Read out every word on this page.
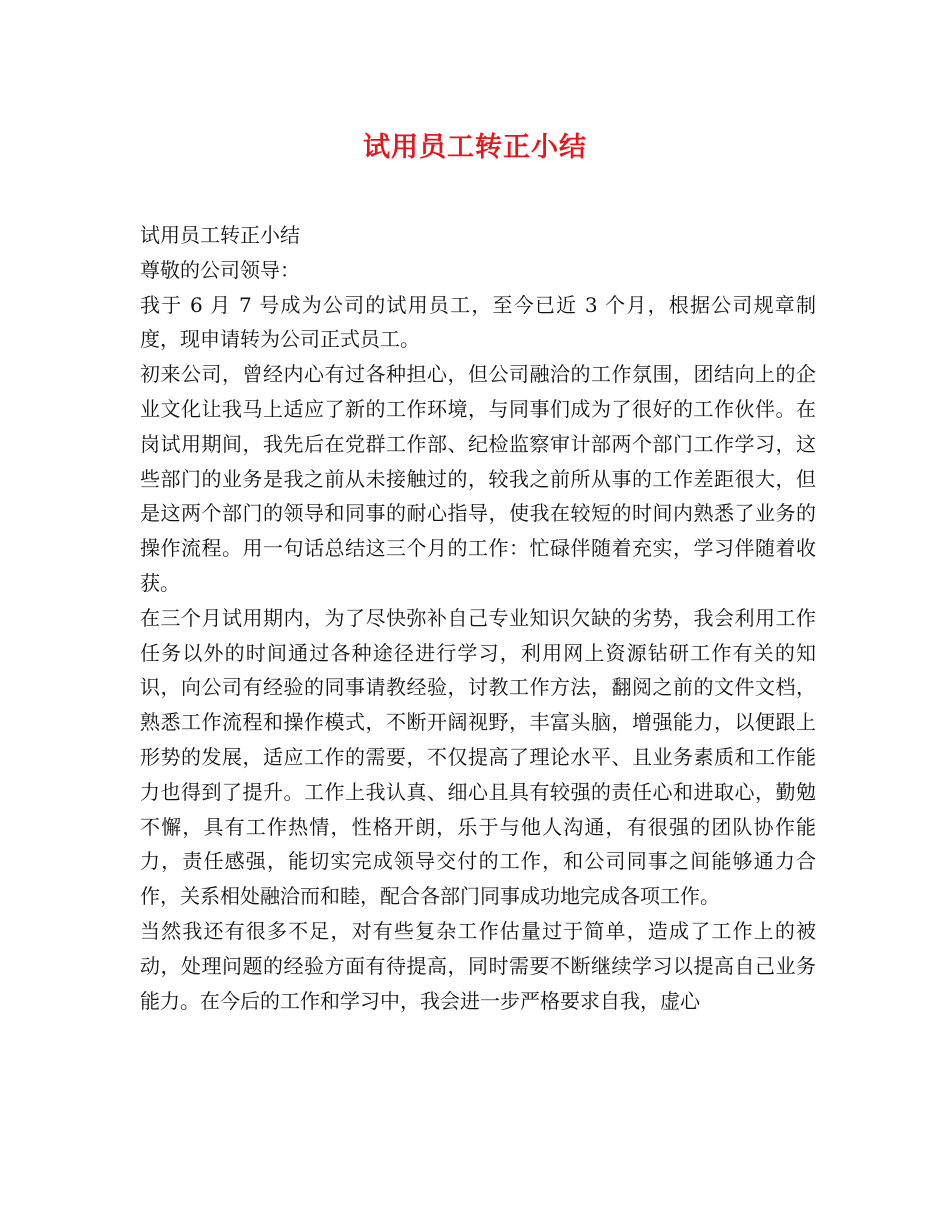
试用员工转正小结

试用员工转正小结

尊敬的公司领导：

我于 6 月 7 号成为公司的试用员工，至今已近 3 个月，根据公司规章制度，现申请转为公司正式员工。

初来公司，曾经内心有过各种担心，但公司融洽的工作氛围，团结向上的企业文化让我马上适应了新的工作环境，与同事们成为了很好的工作伙伴。在岗试用期间，我先后在党群工作部、纪检监察审计部两个部门工作学习，这些部门的业务是我之前从未接触过的，较我之前所从事的工作差距很大，但是这两个部门的领导和同事的耐心指导，使我在较短的时间内熟悉了业务的操作流程。用一句话总结这三个月的工作：忙碌伴随着充实，学习伴随着收获。

在三个月试用期内，为了尽快弥补自己专业知识欠缺的劣势，我会利用工作任务以外的时间通过各种途径进行学习，利用网上资源钻研工作有关的知识，向公司有经验的同事请教经验，讨教工作方法，翻阅之前的文件文档，熟悉工作流程和操作模式，不断开阔视野，丰富头脑，增强能力，以便跟上形势的发展，适应工作的需要，不仅提高了理论水平、且业务素质和工作能力也得到了提升。工作上我认真、细心且具有较强的责任心和进取心，勤勉不懈，具有工作热情，性格开朗，乐于与他人沟通，有很强的团队协作能力，责任感强，能切实完成领导交付的工作，和公司同事之间能够通力合作，关系相处融洽而和睦，配合各部门同事成功地完成各项工作。

当然我还有很多不足，对有些复杂工作估量过于简单，造成了工作上的被动，处理问题的经验方面有待提高，同时需要不断继续学习以提高自己业务能力。在今后的工作和学习中，我会进一步严格要求自我，虚心
